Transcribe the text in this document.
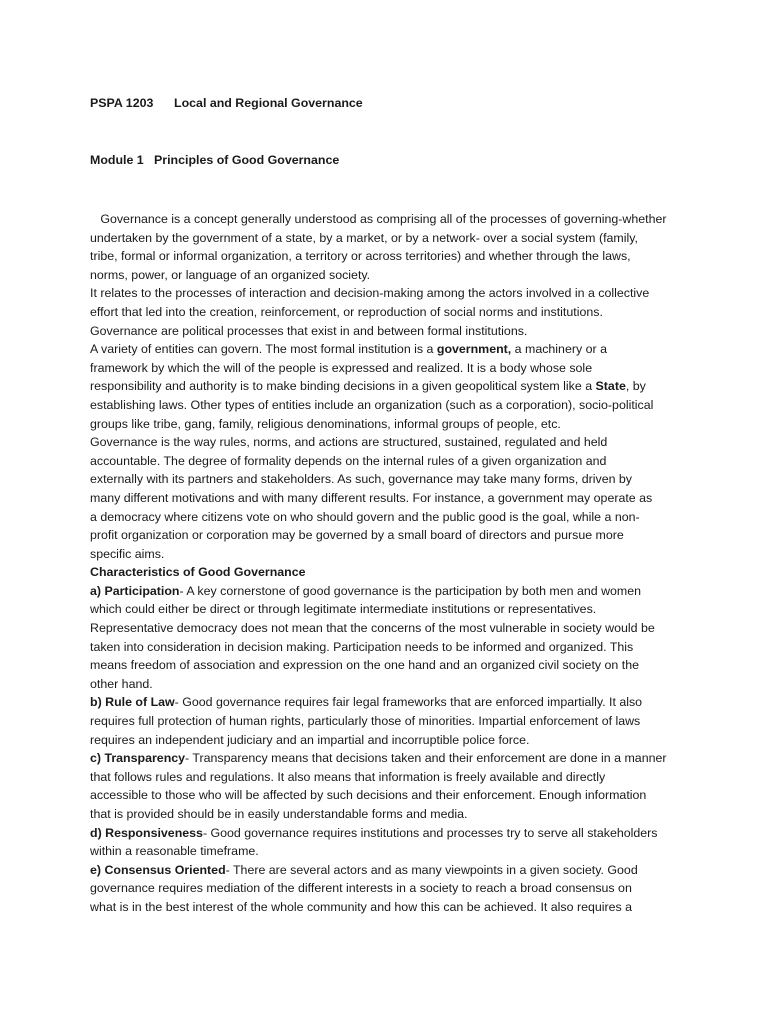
PSPA 1203      Local and Regional Governance

Module 1   Principles of Good Governance

Governance is a concept generally understood as comprising all of the processes of governing-whether
undertaken by the government of a state, by a market, or by a network- over a social system (family,
tribe, formal or informal organization, a territory or across territories) and whether through the laws,
norms, power, or language of an organized society.
It relates to the processes of interaction and decision-making among the actors involved in a collective
effort that led into the creation, reinforcement, or reproduction of social norms and institutions.
Governance are political processes that exist in and between formal institutions.

A variety of entities can govern. The most formal institution is a government, a machinery or a
framework by which the will of the people is expressed and realized. It is a body whose sole
responsibility and authority is to make binding decisions in a given geopolitical system like a State, by
establishing laws. Other types of entities include an organization (such as a corporation), socio-political
groups like tribe, gang, family, religious denominations, informal groups of people, etc.

Governance is the way rules, norms, and actions are structured, sustained, regulated and held
accountable. The degree of formality depends on the internal rules of a given organization and
externally with its partners and stakeholders. As such, governance may take many forms, driven by
many different motivations and with many different results. For instance, a government may operate as
a democracy where citizens vote on who should govern and the public good is the goal, while a non-
profit organization or corporation may be governed by a small board of directors and pursue more
specific aims.

Characteristics of Good Governance

a) Participation- A key cornerstone of good governance is the participation by both men and women
which could either be direct or through legitimate intermediate institutions or representatives.
Representative democracy does not mean that the concerns of the most vulnerable in society would be
taken into consideration in decision making. Participation needs to be informed and organized. This
means freedom of association and expression on the one hand and an organized civil society on the
other hand.

b) Rule of Law- Good governance requires fair legal frameworks that are enforced impartially. It also
requires full protection of human rights, particularly those of minorities. Impartial enforcement of laws
requires an independent judiciary and an impartial and incorruptible police force.

c) Transparency- Transparency means that decisions taken and their enforcement are done in a manner
that follows rules and regulations. It also means that information is freely available and directly
accessible to those who will be affected by such decisions and their enforcement. Enough information
that is provided should be in easily understandable forms and media.

d) Responsiveness- Good governance requires institutions and processes try to serve all stakeholders
within a reasonable timeframe.

e) Consensus Oriented- There are several actors and as many viewpoints in a given society. Good
governance requires mediation of the different interests in a society to reach a broad consensus on
what is in the best interest of the whole community and how this can be achieved. It also requires a
